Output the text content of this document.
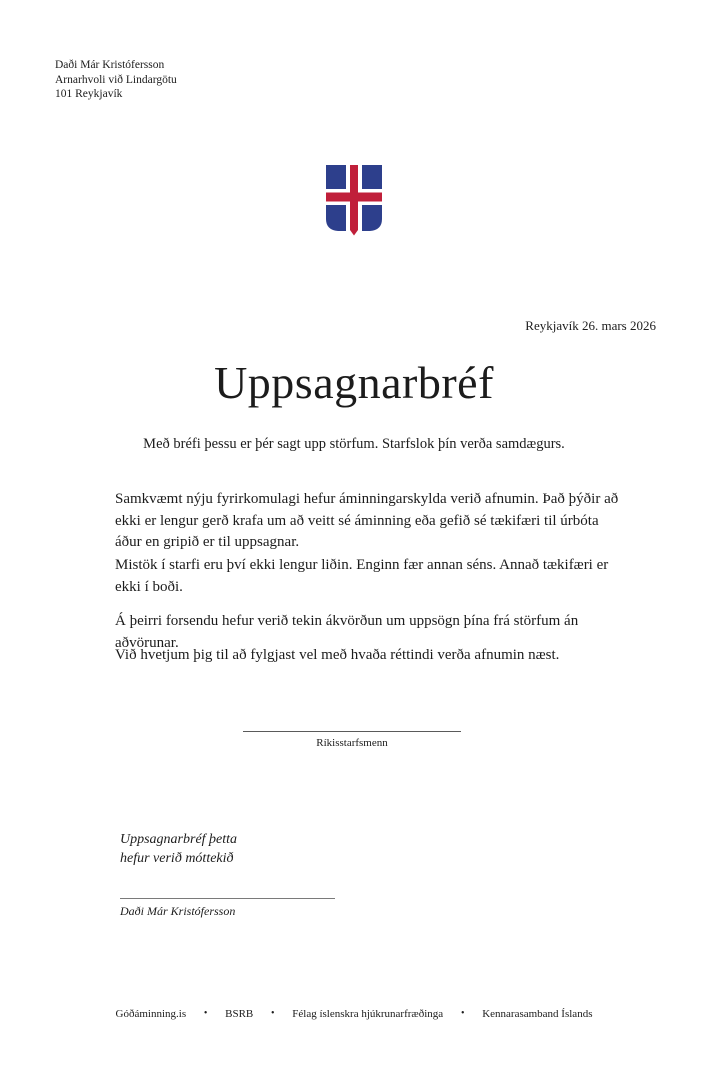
Daði Már Kristófersson
Arnarhvoli við Lindargötu
101 Reykjavík
Reykjavík 26. mars 2026
Uppsagnarbréf
Með bréfi þessu er þér sagt upp störfum. Starfslok þín verða samdægurs.

Samkvæmt nýju fyrirkomulagi hefur áminningarskylda verið afnumin. Það þýðir að ekki er lengur gerð krafa um að veitt sé áminning eða gefið sé tækifæri til úrbóta áður en gripið er til uppsagnar.

Mistök í starfi eru því ekki lengur liðin. Enginn fær annan séns. Annað tækifæri er ekki í boði.

Á þeirri forsendu hefur verið tekin ákvörðun um uppsögn þína frá störfum án aðvörunar.

Við hvetjum þig til að fylgjast vel með hvaða réttindi verða afnumin næst.

Ríkisstarfsmenn
Uppsagnarbréf þetta
hefur verið móttekið
Daði Már Kristófersson
Góðáminning.is • BSRB • Félag íslenskra hjúkrunarfræðinga • Kennarasamband Íslands
